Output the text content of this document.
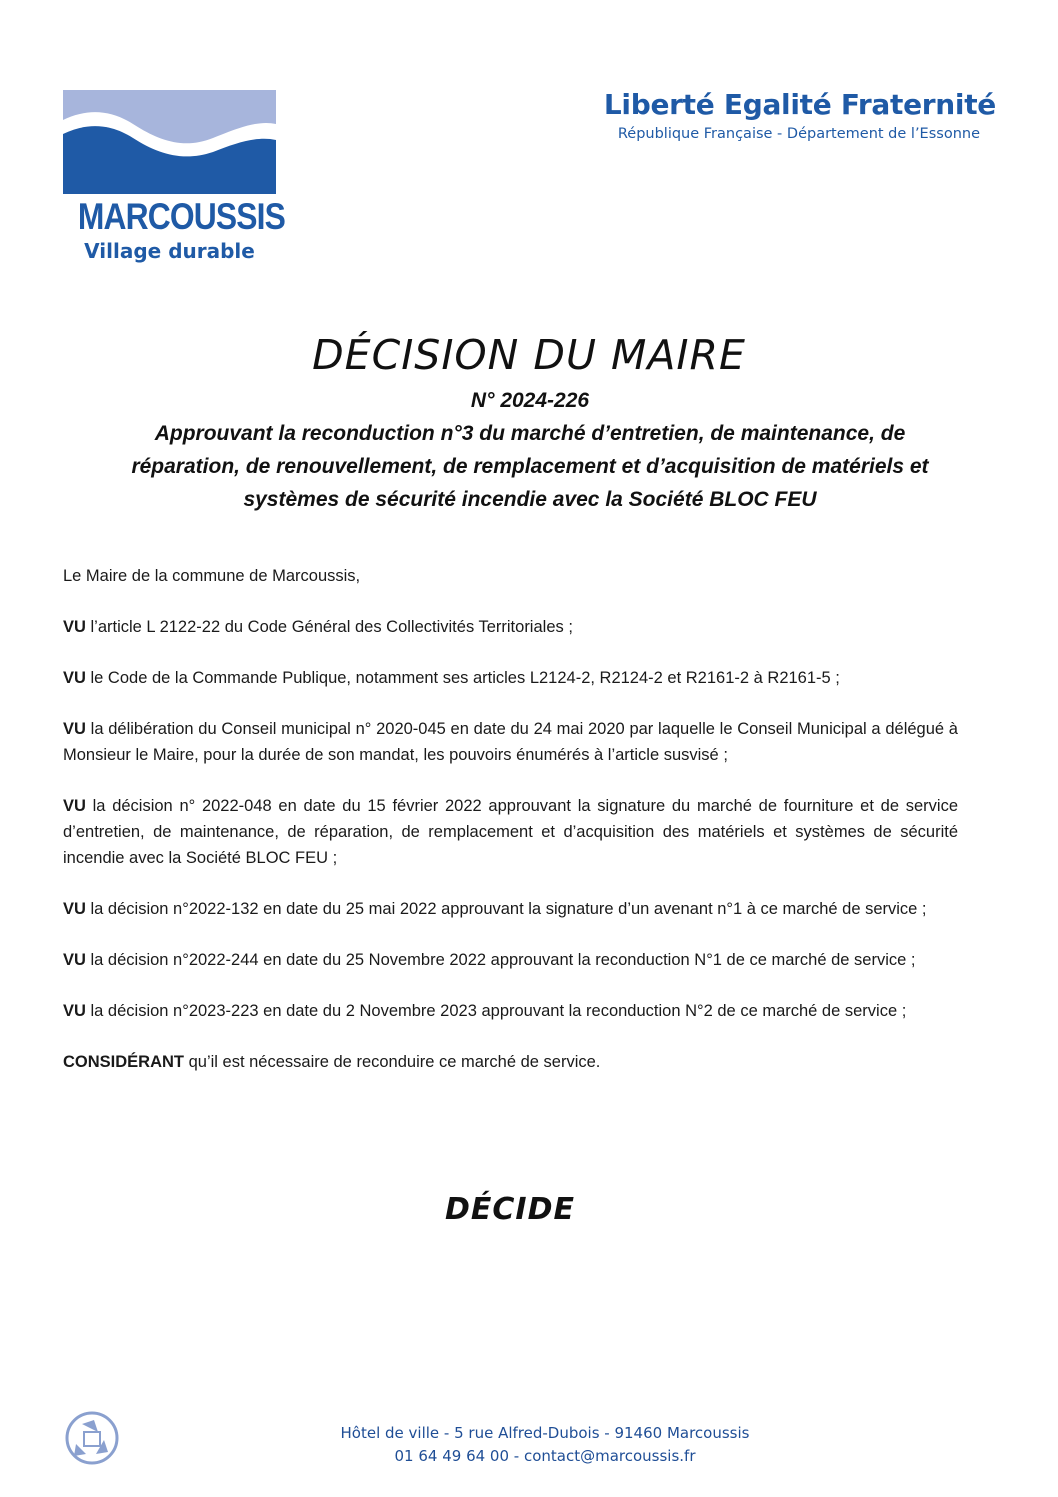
MARCOUSSIS
Village durable
Liberté Egalité Fraternité
République Française - Département de l’Essonne
DÉCISION DU MAIRE
N° 2024-226
Approuvant la reconduction n°3 du marché d’entretien, de maintenance, de
réparation, de renouvellement, de remplacement et d’acquisition de matériels et
systèmes de sécurité incendie avec la Société BLOC FEU

Le Maire de la commune de Marcoussis,

VU l’article L 2122-22 du Code Général des Collectivités Territoriales ;

VU le Code de la Commande Publique, notamment ses articles L2124-2, R2124-2 et R2161-2 à R2161-5 ;

VU la délibération du Conseil municipal n° 2020-045 en date du 24 mai 2020 par laquelle le Conseil Municipal a délégué à Monsieur le Maire, pour la durée de son mandat, les pouvoirs énumérés à l’article susvisé ;

VU la décision n° 2022-048 en date du 15 février 2022 approuvant la signature du marché de fourniture et de service d’entretien, de maintenance, de réparation, de remplacement et d’acquisition des matériels et systèmes de sécurité incendie avec la Société BLOC FEU ;

VU la décision n°2022-132 en date du 25 mai 2022 approuvant la signature d’un avenant n°1 à ce marché de service ;

VU la décision n°2022-244 en date du 25 Novembre 2022 approuvant la reconduction N°1 de ce marché de service ;

VU la décision n°2023-223 en date du 2 Novembre 2023 approuvant la reconduction N°2 de ce marché de service ;

CONSIDÉRANT qu’il est nécessaire de reconduire ce marché de service.

DÉCIDE
Hôtel de ville - 5 rue Alfred-Dubois - 91460 Marcoussis
01 64 49 64 00 - contact@marcoussis.fr
